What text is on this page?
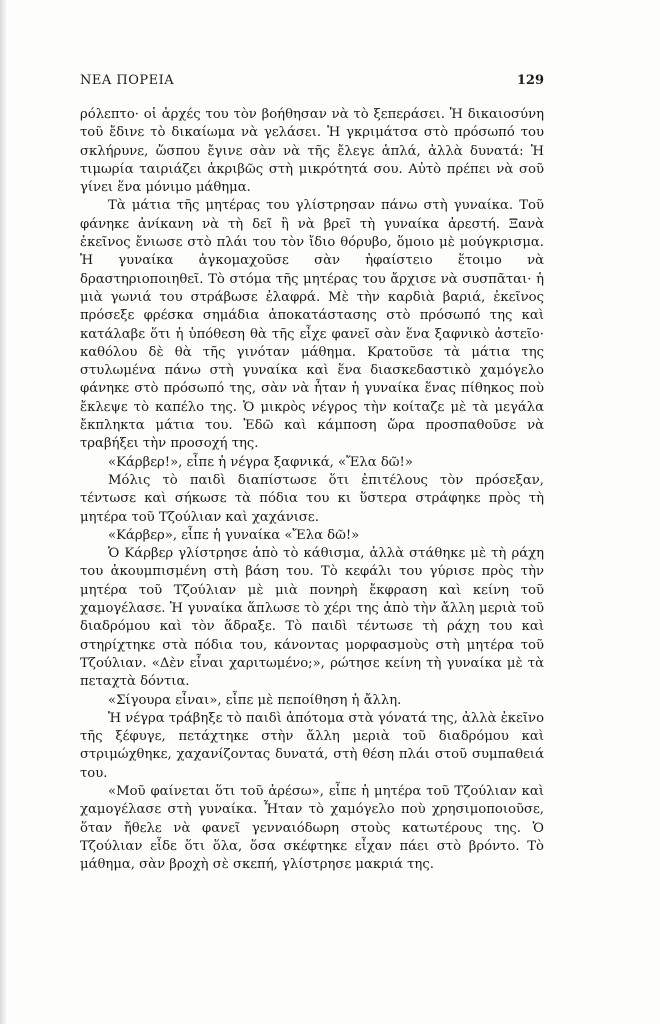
ΝΕΑ ΠΟΡΕΙΑ	129

ρόλεπτο· οἱ ἀρχές του τὸν βοήθησαν νὰ τὸ ξεπεράσει. Ἡ δικαιοσύνη τοῦ ἔδινε τὸ δικαίωμα νὰ γελάσει. Ἡ γκριμάτσα στὸ πρόσωπό του σκλήρυνε, ὥσπου ἔγινε σὰν νὰ τῆς ἔλεγε ἁπλά, ἀλλὰ δυνατά: Ἡ τιμωρία ταιριάζει ἀκριβῶς στὴ μικρότητά σου. Αὐτὸ πρέπει νὰ σοῦ γίνει ἕνα μόνιμο μάθημα.

Τὰ μάτια τῆς μητέρας του γλίστρησαν πάνω στὴ γυναίκα. Τοῦ φάνηκε ἀνίκανη νὰ τὴ δεῖ ἢ νὰ βρεῖ τὴ γυναίκα ἀρεστή. Ξανὰ ἐκεῖνος ἔνιωσε στὸ πλάι του τὸν ἴδιο θόρυβο, ὅμοιο μὲ μούγκρισμα. Ἡ γυναίκα ἀγκομαχοῦσε σὰν ἡφαίστειο ἕτοιμο νὰ δραστηριοποιηθεῖ. Τὸ στόμα τῆς μητέρας του ἄρχισε νὰ συσπᾶται· ἡ μιὰ γωνιά του στράβωσε ἐλαφρά. Μὲ τὴν καρδιὰ βαριά, ἐκεῖνος πρόσεξε φρέσκα σημάδια ἀποκατάστασης στὸ πρόσωπό της καὶ κατάλαβε ὅτι ἡ ὑπόθεση θὰ τῆς εἶχε φανεῖ σὰν ἕνα ξαφνικὸ ἀστεῖο· καθόλου δὲ θὰ τῆς γινόταν μάθημα. Κρατοῦσε τὰ μάτια της στυλωμένα πάνω στὴ γυναίκα καὶ ἕνα διασκεδαστικὸ χαμόγελο φάνηκε στὸ πρόσωπό της, σὰν νὰ ἦταν ἡ γυναίκα ἕνας πίθηκος ποὺ ἔκλεψε τὸ καπέλο της. Ὁ μικρὸς νέγρος τὴν κοίταζε μὲ τὰ μεγάλα ἔκπληκτα μάτια του. Ἐδῶ καὶ κάμποση ὥρα προσπαθοῦσε νὰ τραβήξει τὴν προσοχή της.

«Κάρβερ!», εἶπε ἡ νέγρα ξαφνικά, «Ἔλα δῶ!»

Μόλις τὸ παιδὶ διαπίστωσε ὅτι ἐπιτέλους τὸν πρόσεξαν, τέντωσε καὶ σήκωσε τὰ πόδια του κι ὕστερα στράφηκε πρὸς τὴ μητέρα τοῦ Τζούλιαν καὶ χαχάνισε.

«Κάρβερ», εἶπε ἡ γυναίκα «Ἔλα δῶ!»

Ὁ Κάρβερ γλίστρησε ἀπὸ τὸ κάθισμα, ἀλλὰ στάθηκε μὲ τὴ ράχη του ἀκουμπισμένη στὴ βάση του. Τὸ κεφάλι του γύρισε πρὸς τὴν μητέρα τοῦ Τζούλιαν μὲ μιὰ πονηρὴ ἔκφραση καὶ κείνη τοῦ χαμογέλασε. Ἡ γυναίκα ἅπλωσε τὸ χέρι της ἀπὸ τὴν ἄλλη μεριὰ τοῦ διαδρόμου καὶ τὸν ἅδραξε. Τὸ παιδὶ τέντωσε τὴ ράχη του καὶ στηρίχτηκε στὰ πόδια του, κάνοντας μορφασμοὺς στὴ μητέρα τοῦ Τζούλιαν. «Δὲν εἶναι χαριτωμένο;», ρώτησε κείνη τὴ γυναίκα μὲ τὰ πεταχτὰ δόντια.

«Σίγουρα εἶναι», εἶπε μὲ πεποίθηση ἡ ἄλλη.

Ἡ νέγρα τράβηξε τὸ παιδὶ ἀπότομα στὰ γόνατά της, ἀλλὰ ἐκεῖνο τῆς ξέφυγε, πετάχτηκε στὴν ἄλλη μεριὰ τοῦ διαδρόμου καὶ στριμώχθηκε, χαχανίζοντας δυνατά, στὴ θέση πλάι στοῦ συμπαθειά του.

«Μοῦ φαίνεται ὅτι τοῦ ἀρέσω», εἶπε ἡ μητέρα τοῦ Τζούλιαν καὶ χαμογέλασε στὴ γυναίκα. Ἦταν τὸ χαμόγελο ποὺ χρησιμοποιοῦσε, ὅταν ἤθελε νὰ φανεῖ γενναιόδωρη στοὺς κατωτέρους της. Ὁ Τζούλιαν εἶδε ὅτι ὅλα, ὅσα σκέφτηκε εἶχαν πάει στὸ βρόντο. Τὸ μάθημα, σὰν βροχὴ σὲ σκεπή, γλίστρησε μακριά της.
